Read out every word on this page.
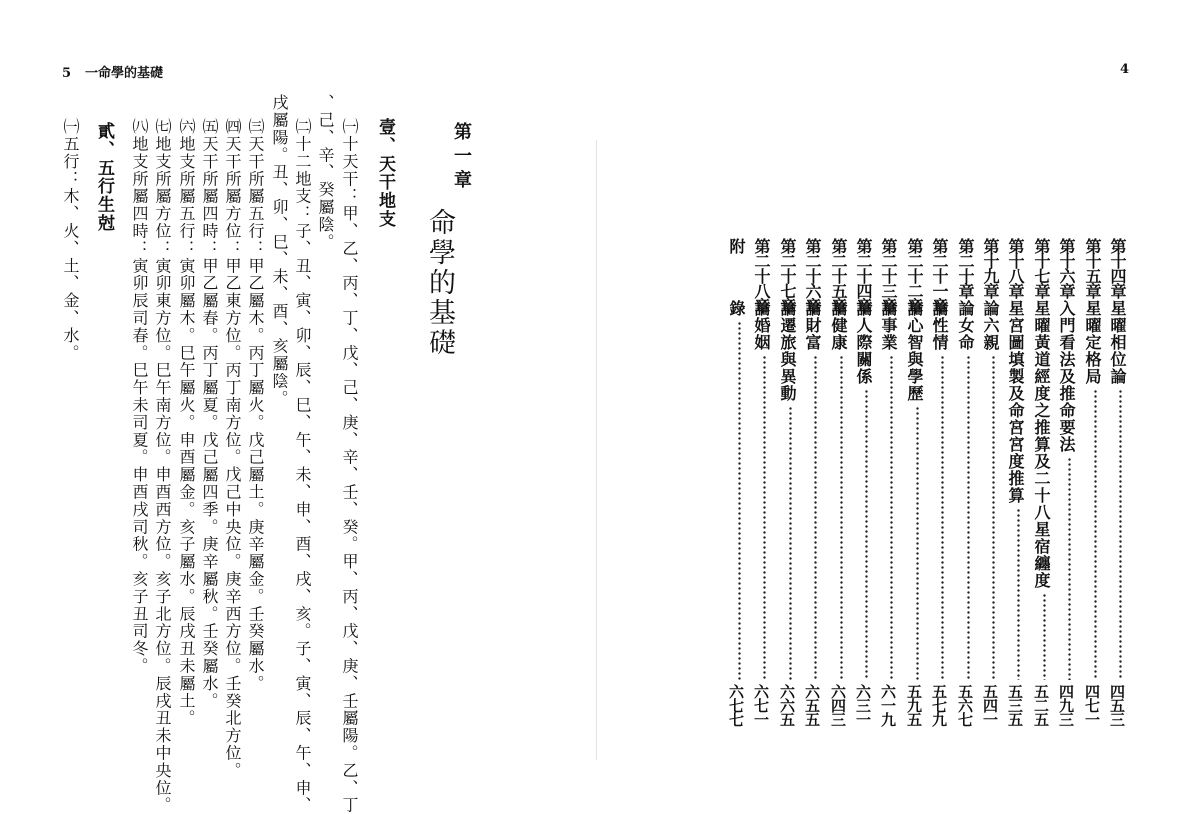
5 一命學的基礎
第一章
命學的基礎
壹、天干地支
㈠十天干：甲、乙、丙、丁、戊、己、庚、辛、壬、癸。甲、丙、戊、庚、壬屬陽。乙、丁
、己、辛、癸屬陰。
㈡十二地支：子、丑、寅、卯、辰、巳、午、未、申、酉、戌、亥。子、寅、辰、午、申、
戌屬陽。丑、卯、巳、未、酉、亥屬陰。
㈢天干所屬五行：甲乙屬木。丙丁屬火。戊己屬土。庚辛屬金。壬癸屬水。
㈣天干所屬方位：甲乙東方位。丙丁南方位。戊己中央位。庚辛西方位。壬癸北方位。
㈤天干所屬四時：甲乙屬春。丙丁屬夏。戊己屬四季。庚辛屬秋。壬癸屬水。
㈥地支所屬五行：寅卯屬木。巳午屬火。申酉屬金。亥子屬水。辰戌丑未屬土。
㈦地支所屬方位：寅卯東方位。巳午南方位。申酉西方位。亥子北方位。辰戌丑未中央位。
㈧地支所屬四時：寅卯辰司春。巳午未司夏。申酉戌司秋。亥子丑司冬。
貳、五行生尅
㈠五行：木、火、土、金、水。
4
第十四章
星曜相位論
四五三
第十五章
星曜定格局
四七一
第十六章
入門看法及推命要法
四九三
第十七章
星曜黃道經度之推算及二十八星宿纏度
五二五
第十八章
星宮圖填製及命宮宮度推算
五三五
第十九章
論六親
五四一
第二十章
論女命
五六七
第二十一章
論性情
五七九
第二十二章
論心智與學歷
五九五
第二十三章
論事業
六一九
第二十四章
論人際關係
六三一
第二十五章
論健康
六四三
第二十六章
論財富
六五五
第二十七章
論遷旅與異動
六六五
第二十八章
論婚姻
六七一
附
錄
六七七
